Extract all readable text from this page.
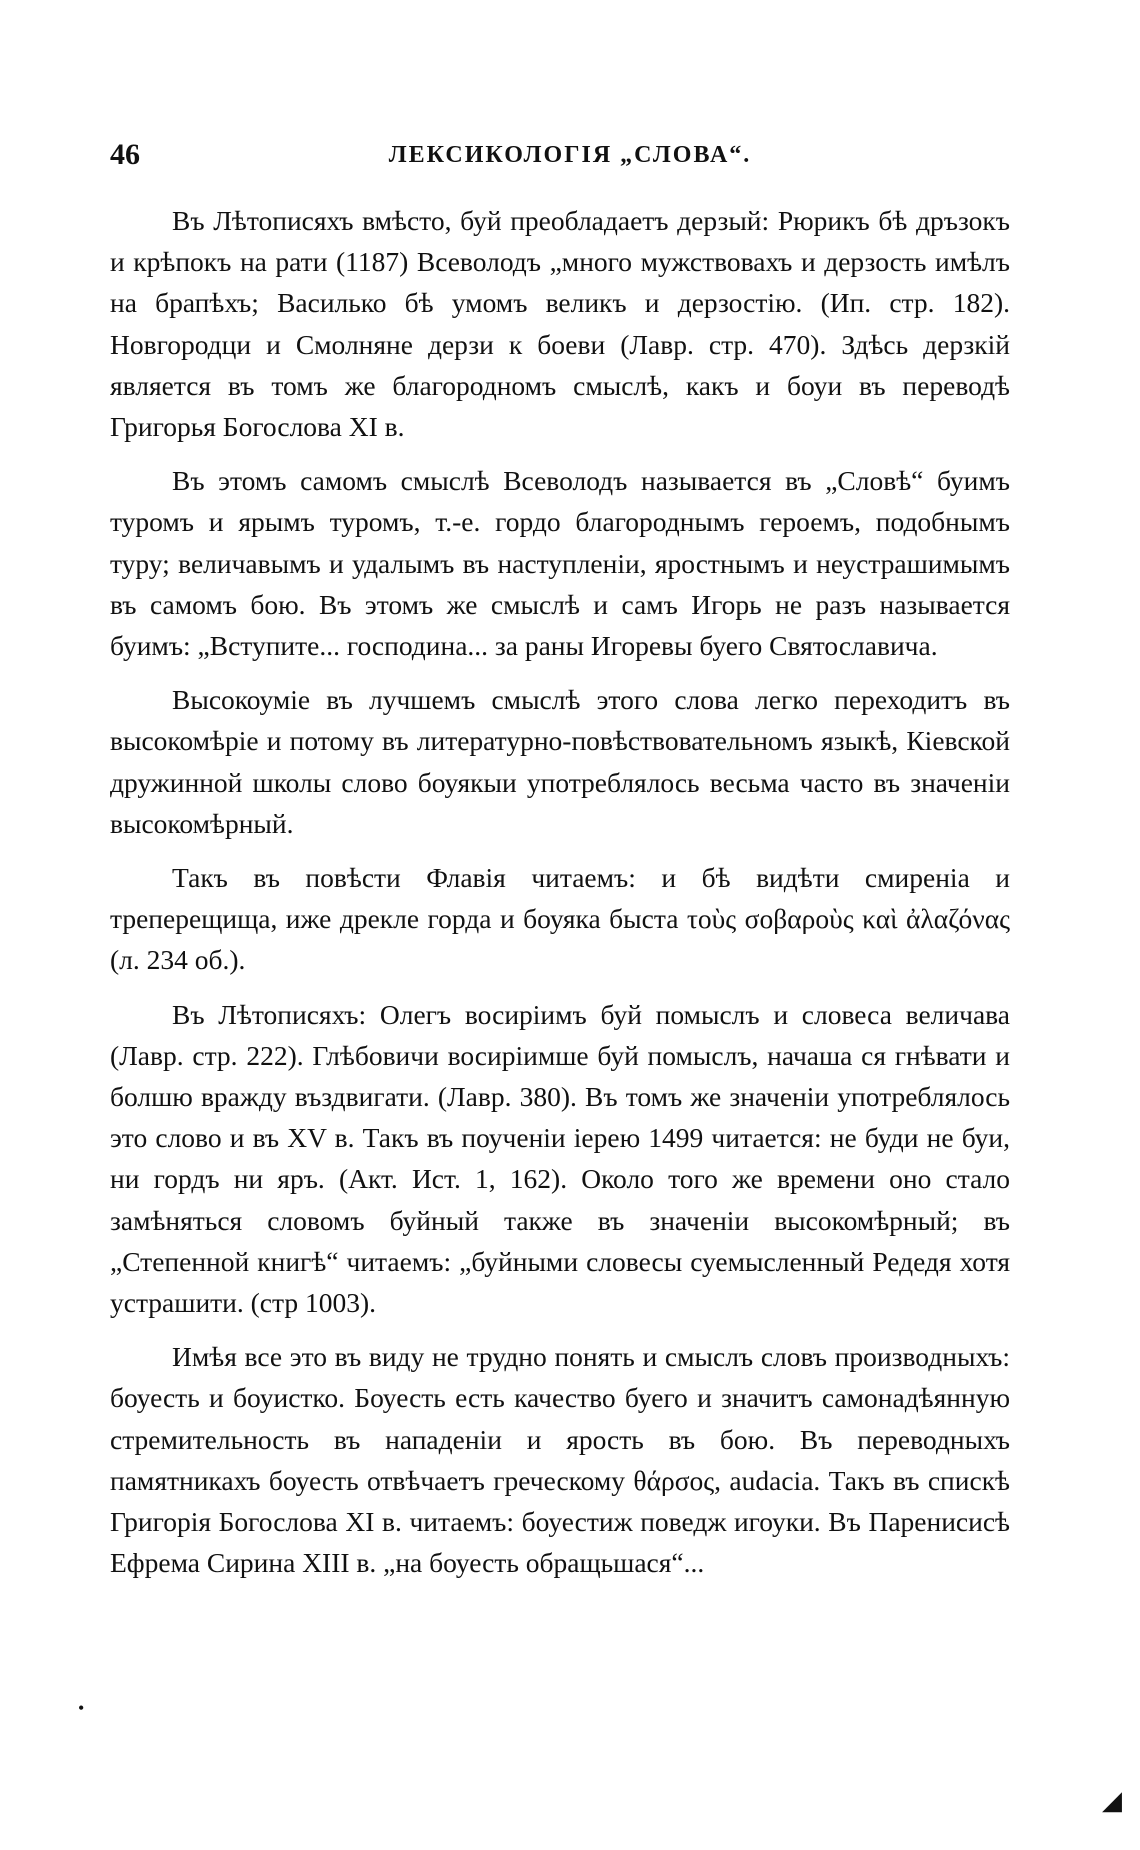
46	ЛЕКСИКОЛОГІЯ „СЛОВА“.

Въ Лѣтописяхъ вмѣсто, буй преобладаетъ дерзый: Рюрикъ бѣ дръзокъ и крѣпокъ на рати (1187) Всеволодъ „много мужствовахъ и дерзость имѣлъ на брапѣхъ; Василько бѣ умомъ великъ и дерзостію. (Ип. стр. 182). Новгородци и Смолняне дерзи к боеви (Лавр. стр. 470). Здѣсь дерзкій является въ томъ же благородномъ смыслѣ, какъ и боуи въ переводѣ Григорья Богослова XI в.

Въ этомъ самомъ смыслѣ Всеволодъ называется въ „Словѣ“ буимъ туромъ и ярымъ туромъ, т.-е. гордо благороднымъ героемъ, подобнымъ туру; величавымъ и удалымъ въ наступленіи, яростнымъ и неустрашимымъ въ самомъ бою. Въ этомъ же смыслѣ и самъ Игорь не разъ называется буимъ: „Вступите... господина... за раны Игоревы буего Святославича.

Высокоуміе въ лучшемъ смыслѣ этого слова легко переходитъ въ высокомѣріе и потому въ литературно-повѣствовательномъ языкѣ, Кіевской дружинной школы слово боуякыи употреблялось весьма часто въ значеніи высокомѣрный.

Такъ въ повѣсти Флавія читаемъ: и бѣ видѣти смиреніа и треперещища, иже дрекле горда и боуяка быста τοὺς σοβαροὺς καὶ ἀλαζόνας (л. 234 об.).

Въ Лѣтописяхъ: Олегъ восиріимъ буй помыслъ и словеса величава (Лавр. стр. 222). Глѣбовичи восиріимше буй помыслъ, начаша ся гнѣвати и болшю вражду въздвигати. (Лавр. 380). Въ томъ же значеніи употреблялось это слово и въ XV в. Такъ въ поученіи іерею 1499 читается: не буди не буи, ни гордъ ни яръ. (Акт. Ист. 1, 162). Около того же времени оно стало замѣняться словомъ буйный также въ значеніи высокомѣрный; въ „Степенной книгѣ“ читаемъ: „буйными словесы суемысленный Редедя хотя устрашити. (стр 1003).

Имѣя все это въ виду не трудно понять и смыслъ словъ производныхъ: боуесть и боуистко. Боуесть есть качество буего и значитъ самонадѣянную стремительность въ нападеніи и ярость въ бою. Въ переводныхъ памятникахъ боуесть отвѣчаетъ греческому θάρσος, audacia. Такъ въ спискѣ Григорія Богослова XI в. читаемъ: боуестиж поведж игоуки. Въ Паренисисѣ Ефрема Сирина XIII в. „на боуесть обращьшася“...

•
◢
